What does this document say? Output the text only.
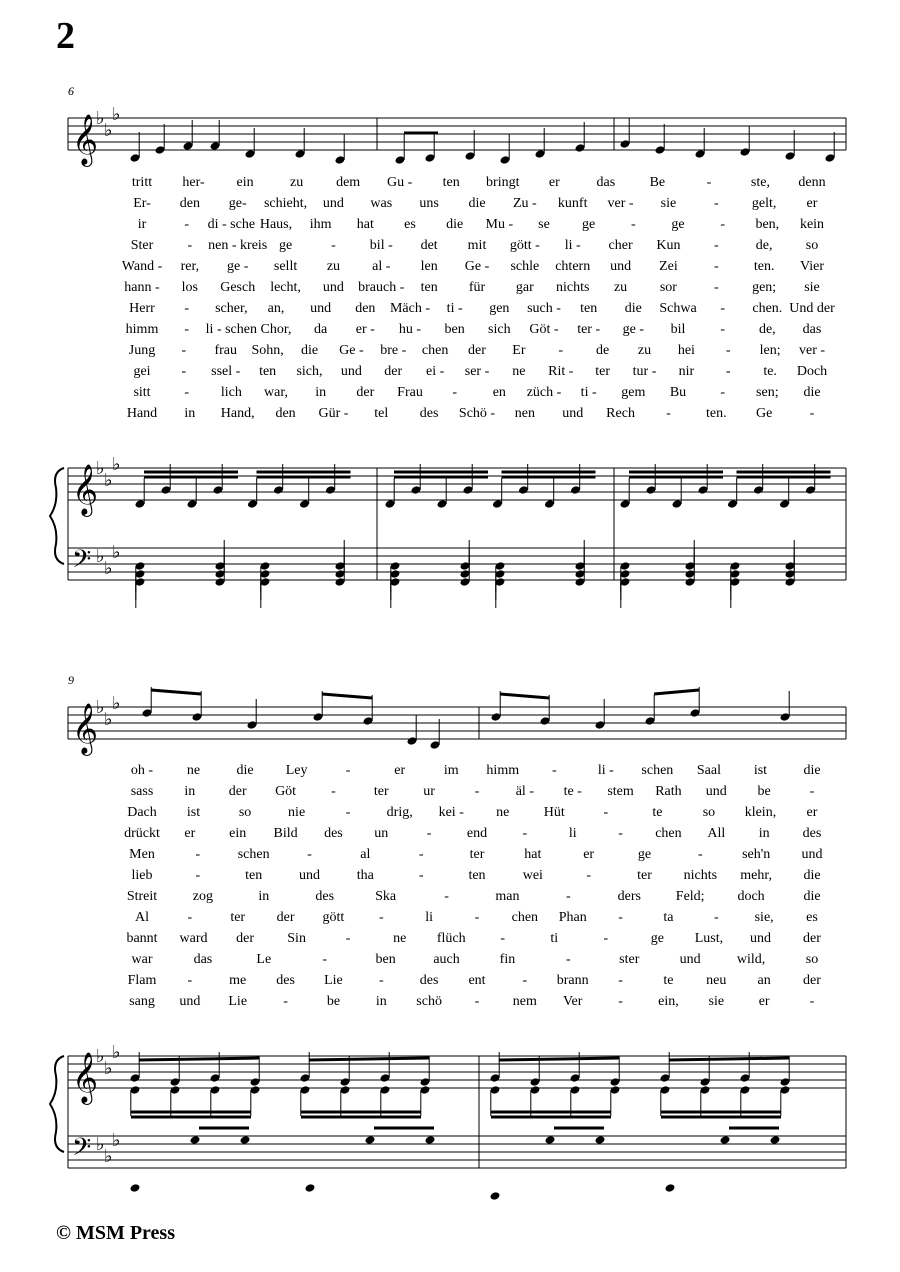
2
6
9
𝄞
♭
♭
♭
𝄞
♭
♭
♭
𝄢 ♭
♭
♭
𝄞
♭
♭
♭
𝄞
♭
♭
♭
𝄢 ♭
♭
♭
tritt her- ein	zu dem Gu - ten bringt er	das Be	-	ste, denn
Er- den ge- schieht, und was uns die Zu - kunft ver - sie	- gelt, er
ir	- di - sche Haus, ihm hat es die Mu - se ge	-	ge	- ben, kein
Ster - nen - kreis ge	- bil - det mit gött - li - cher Kun -	de, so
Wand - rer, ge - sellt zu al - len Ge - schle chtern und Zei	-	ten. Vier
hann - los Gesch lecht, und brauch - ten für gar nichts zu sor	- gen; sie
Herr - scher, an, und den Mäch - ti - gen such - ten die Schwa - chen. Und der
himm - li - schen Chor, da er - hu - ben sich Göt - ter - ge - bil - de, das
Jung - frau Sohn, die Ge - bre - chen der Er - de zu hei - len; ver -
gei - ssel - ten sich, und der ei - ser - ne Rit - ter tur - nir - te. Doch
sitt - lich war, in der Frau -	en züch - ti - gem Bu - sen; die
Hand in Hand, den Gür - tel des Schö - nen und Rech -	ten. Ge	-
oh - ne	die Ley	-	er	im himm -	li - schen Saal ist	die
sass in der Göt	-	ter ur	-	äl - te - stem Rath und be	-
Dach ist	so	nie	-	drig, kei - ne Hüt	-	te	so klein, er
drückt er ein Bild des un	-	end	-	li	- chen All in des
Men	-	schen	-	al	-	ter	hat	er	ge	-	seh'n und
lieb	-	ten	und	tha	-	ten	wei	-	ter nichts mehr, die
Streit	zog	in	des	Ska	-	man	-	ders Feld; doch	die
Al	-	ter der gött -	li	- chen Phan -	ta	-	sie, es
bannt ward der Sin	-	ne flüch -	ti	-	ge Lust, und der
war	das	Le	-	ben	auch	fin	-	ster	und	wild,	so
Flam -	me des Lie	-	des ent	- brann -	te neu an der
sang und Lie	-	be	in schö - nem Ver	-	ein, sie er	-
© MSM Press
